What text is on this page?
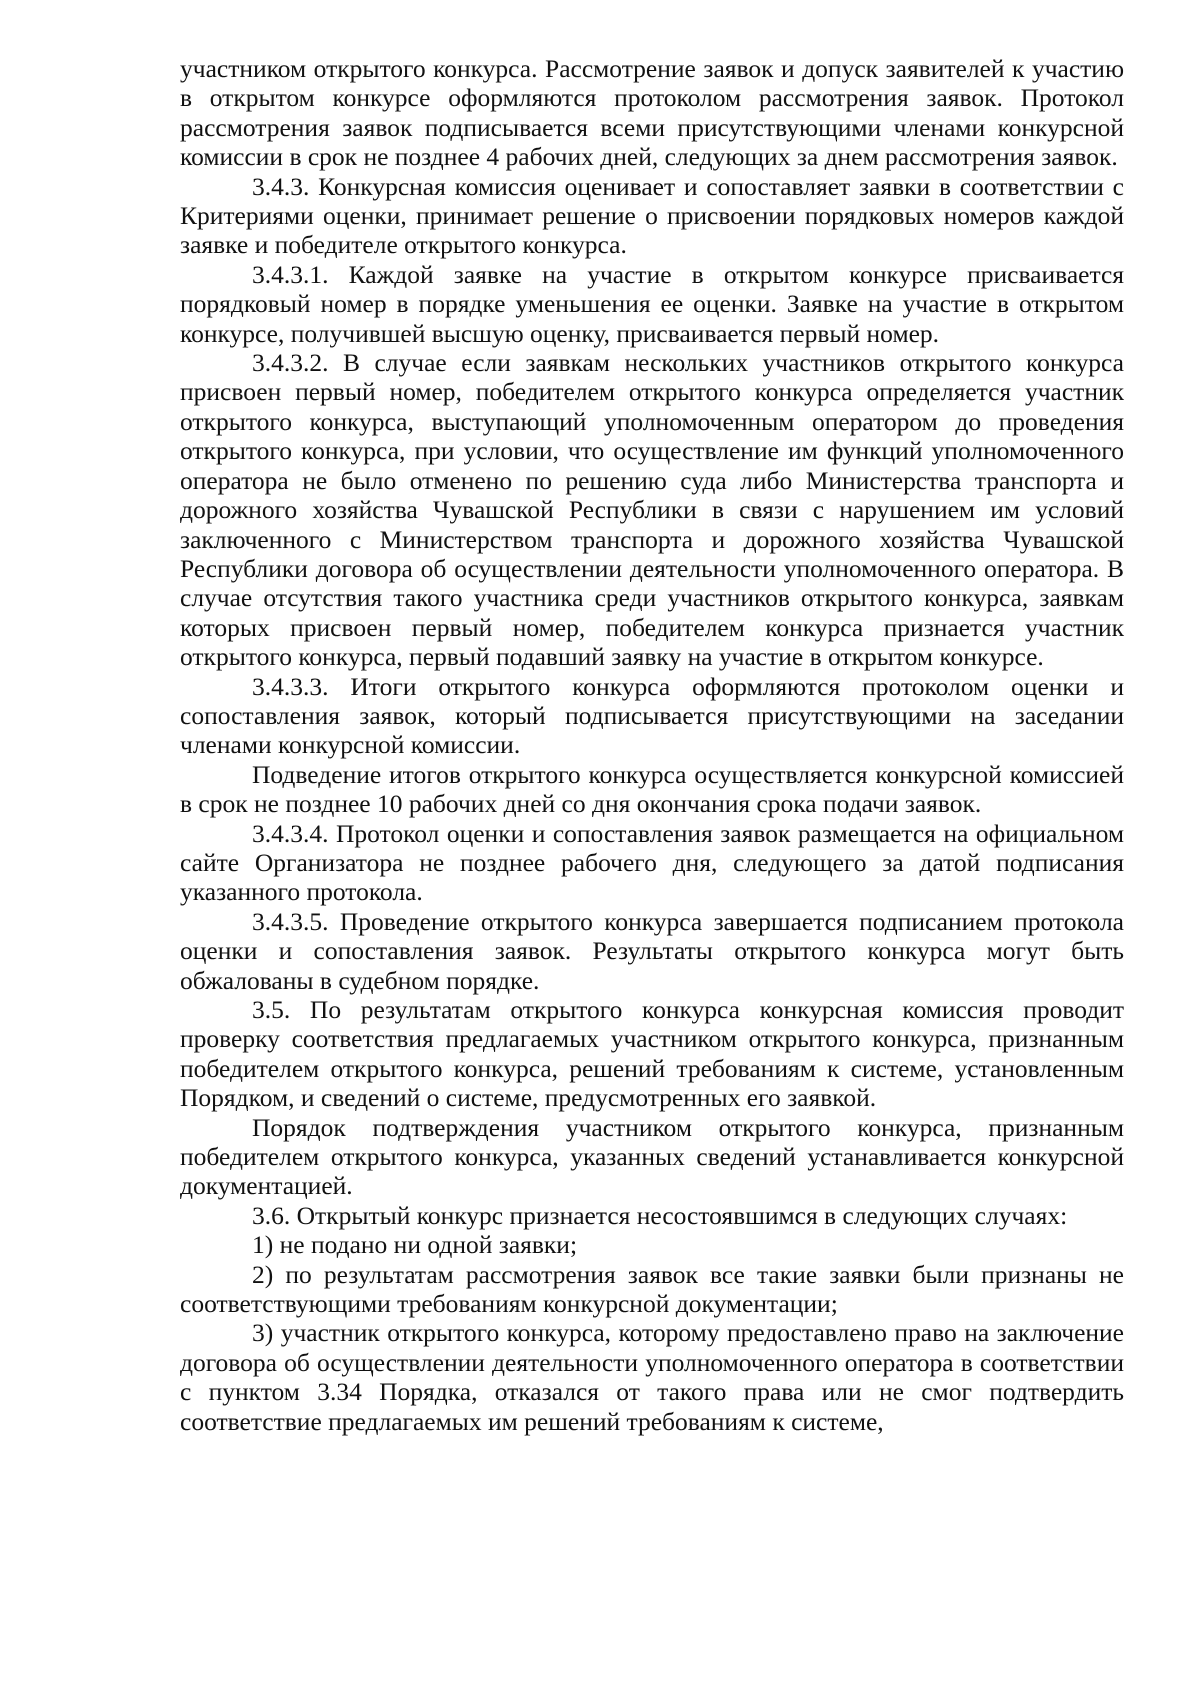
участником открытого конкурса. Рассмотрение заявок и допуск заявителей к участию в открытом конкурсе оформляются протоколом рассмотрения заявок. Протокол рассмотрения заявок подписывается всеми присутствующими членами конкурсной комиссии в срок не позднее 4 рабочих дней, следующих за днем рассмотрения заявок.

3.4.3. Конкурсная комиссия оценивает и сопоставляет заявки в соответствии с Критериями оценки, принимает решение о присвоении порядковых номеров каждой заявке и победителе открытого конкурса.

3.4.3.1. Каждой заявке на участие в открытом конкурсе присваивается порядковый номер в порядке уменьшения ее оценки. Заявке на участие в открытом конкурсе, получившей высшую оценку, присваивается первый номер.

3.4.3.2. В случае если заявкам нескольких участников открытого конкурса присвоен первый номер, победителем открытого конкурса определяется участник открытого конкурса, выступающий уполномоченным оператором до проведения открытого конкурса, при условии, что осуществление им функций уполномоченного оператора не было отменено по решению суда либо Министерства транспорта и дорожного хозяйства Чувашской Республики в связи с нарушением им условий заключенного с Министерством транспорта и дорожного хозяйства Чувашской Республики договора об осуществлении деятельности уполномоченного оператора. В случае отсутствия такого участника среди участников открытого конкурса, заявкам которых присвоен первый номер, победителем конкурса признается участник открытого конкурса, первый подавший заявку на участие в открытом конкурсе.

3.4.3.3. Итоги открытого конкурса оформляются протоколом оценки и сопоставления заявок, который подписывается присутствующими на заседании членами конкурсной комиссии.

Подведение итогов открытого конкурса осуществляется конкурсной комиссией в срок не позднее 10 рабочих дней со дня окончания срока подачи заявок.

3.4.3.4. Протокол оценки и сопоставления заявок размещается на официальном сайте Организатора не позднее рабочего дня, следующего за датой подписания указанного протокола.

3.4.3.5. Проведение открытого конкурса завершается подписанием протокола оценки и сопоставления заявок. Результаты открытого конкурса могут быть обжалованы в судебном порядке.

3.5. По результатам открытого конкурса конкурсная комиссия проводит проверку соответствия предлагаемых участником открытого конкурса, признанным победителем открытого конкурса, решений требованиям к системе, установленным Порядком, и сведений о системе, предусмотренных его заявкой.

Порядок подтверждения участником открытого конкурса, признанным победителем открытого конкурса, указанных сведений устанавливается конкурсной документацией.

3.6. Открытый конкурс признается несостоявшимся в следующих случаях:

1) не подано ни одной заявки;

2) по результатам рассмотрения заявок все такие заявки были признаны не соответствующими требованиям конкурсной документации;

3) участник открытого конкурса, которому предоставлено право на заключение договора об осуществлении деятельности уполномоченного оператора в соответствии с пунктом 3.34 Порядка, отказался от такого права или не смог подтвердить соответствие предлагаемых им решений требованиям к системе,
